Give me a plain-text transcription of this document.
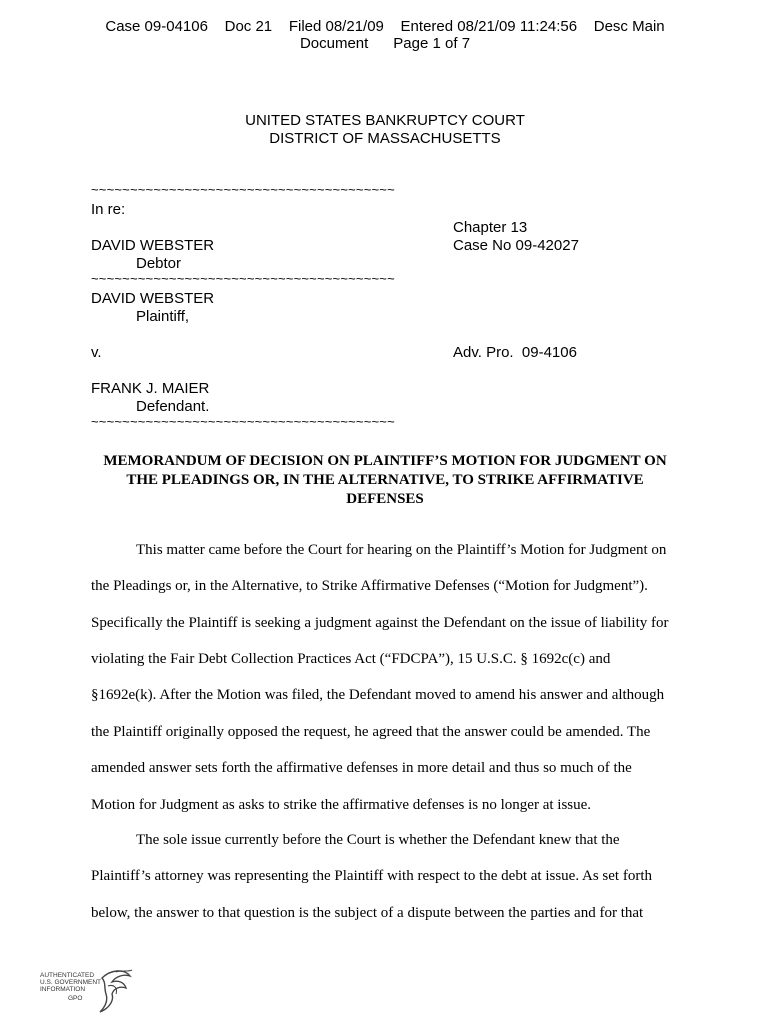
Case 09-04106    Doc 21    Filed 08/21/09    Entered 08/21/09 11:24:56    Desc Main
Document      Page 1 of 7
UNITED STATES BANKRUPTCY COURT
DISTRICT OF MASSACHUSETTS
~~~~~~~~~~~~~~~~~~~~~~~~~~~~~~~~~~~~~~~
In re:
Chapter 13
DAVID WEBSTER	Case No 09-42027
Debtor
~~~~~~~~~~~~~~~~~~~~~~~~~~~~~~~~~~~~~~~
DAVID WEBSTER
Plaintiff,
v.	Adv. Pro.  09-4106
FRANK J. MAIER
Defendant.
~~~~~~~~~~~~~~~~~~~~~~~~~~~~~~~~~~~~~~~
MEMORANDUM OF DECISION ON PLAINTIFF’S MOTION FOR JUDGMENT ON
THE PLEADINGS OR, IN THE ALTERNATIVE, TO STRIKE AFFIRMATIVE
DEFENSES
This matter came before the Court for hearing on the Plaintiff’s Motion for Judgment on
the Pleadings or, in the Alternative, to Strike Affirmative Defenses (“Motion for Judgment”).
Specifically the Plaintiff is seeking a judgment against the Defendant on the issue of liability for
violating the Fair Debt Collection Practices Act (“FDCPA”), 15 U.S.C. § 1692c(c) and
§1692e(k). After the Motion was filed, the Defendant moved to amend his answer and although
the Plaintiff originally opposed the request, he agreed that the answer could be amended. The
amended answer sets forth the affirmative defenses in more detail and thus so much of the
Motion for Judgment as asks to strike the affirmative defenses is no longer at issue.
The sole issue currently before the Court is whether the Defendant knew that the
Plaintiff’s attorney was representing the Plaintiff with respect to the debt at issue. As set forth
below, the answer to that question is the subject of a dispute between the parties and for that
AUTHENTICATED
U.S. GOVERNMENT
INFORMATION
GPO
